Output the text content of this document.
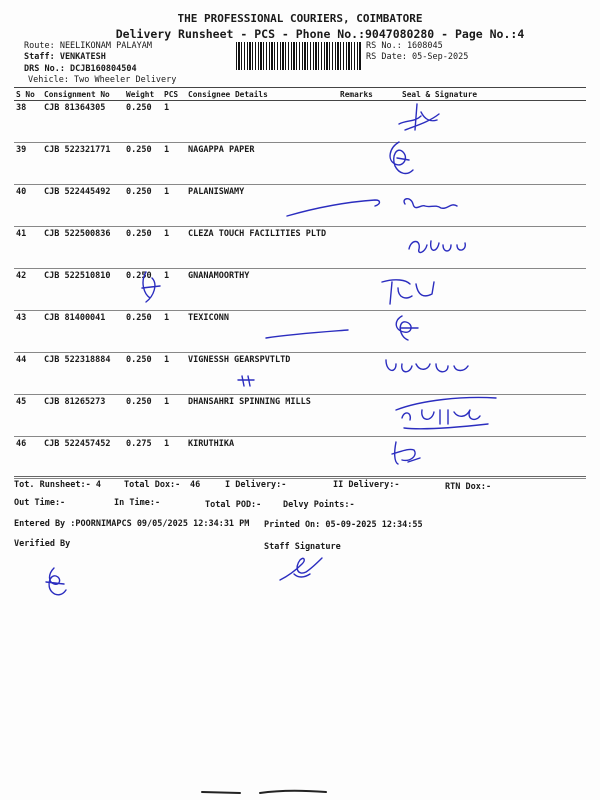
THE PROFESSIONAL COURIERS, COIMBATORE
Delivery Runsheet - PCS - Phone No.:9047080280 - Page No.:4
Route: NEELIKONAM PALAYAM
Staff: VENKATESH
DRS No.: DCJB160804504
Vehicle: Two Wheeler Delivery
RS No.: 1608045
RS Date: 05-Sep-2025
S No	Consignment No	Weight	PCS	Consignee Details	Remarks	Seal & Signature
38	CJB 81364305	0.250	1			
39	CJB 522321771	0.250	1	NAGAPPA PAPER		
40	CJB 522445492	0.250	1	PALANISWAMY		
41	CJB 522500836	0.250	1	CLEZA TOUCH FACILITIES PLTD		
42	CJB 522510810	0.250	1	GNANAMOORTHY		
43	CJB 81400041	0.250	1	TEXICONN		
44	CJB 522318884	0.250	1	VIGNESSH GEARSPVTLTD		
45	CJB 81265273	0.250	1	DHANSAHRI SPINNING MILLS		
46	CJB 522457452	0.275	1	KIRUTHIKA		
Tot. Runsheet:- 4	Total Dox:- 46	I Delivery:-	II Delivery:-	RTN Dox:-
Out Time:-	In Time:-	Total POD:-	Delvy Points:-
Entered By :POORNIMAPCS 09/05/2025 12:34:31 PM Printed On: 05-09-2025 12:34:55
Verified By	Staff Signature
